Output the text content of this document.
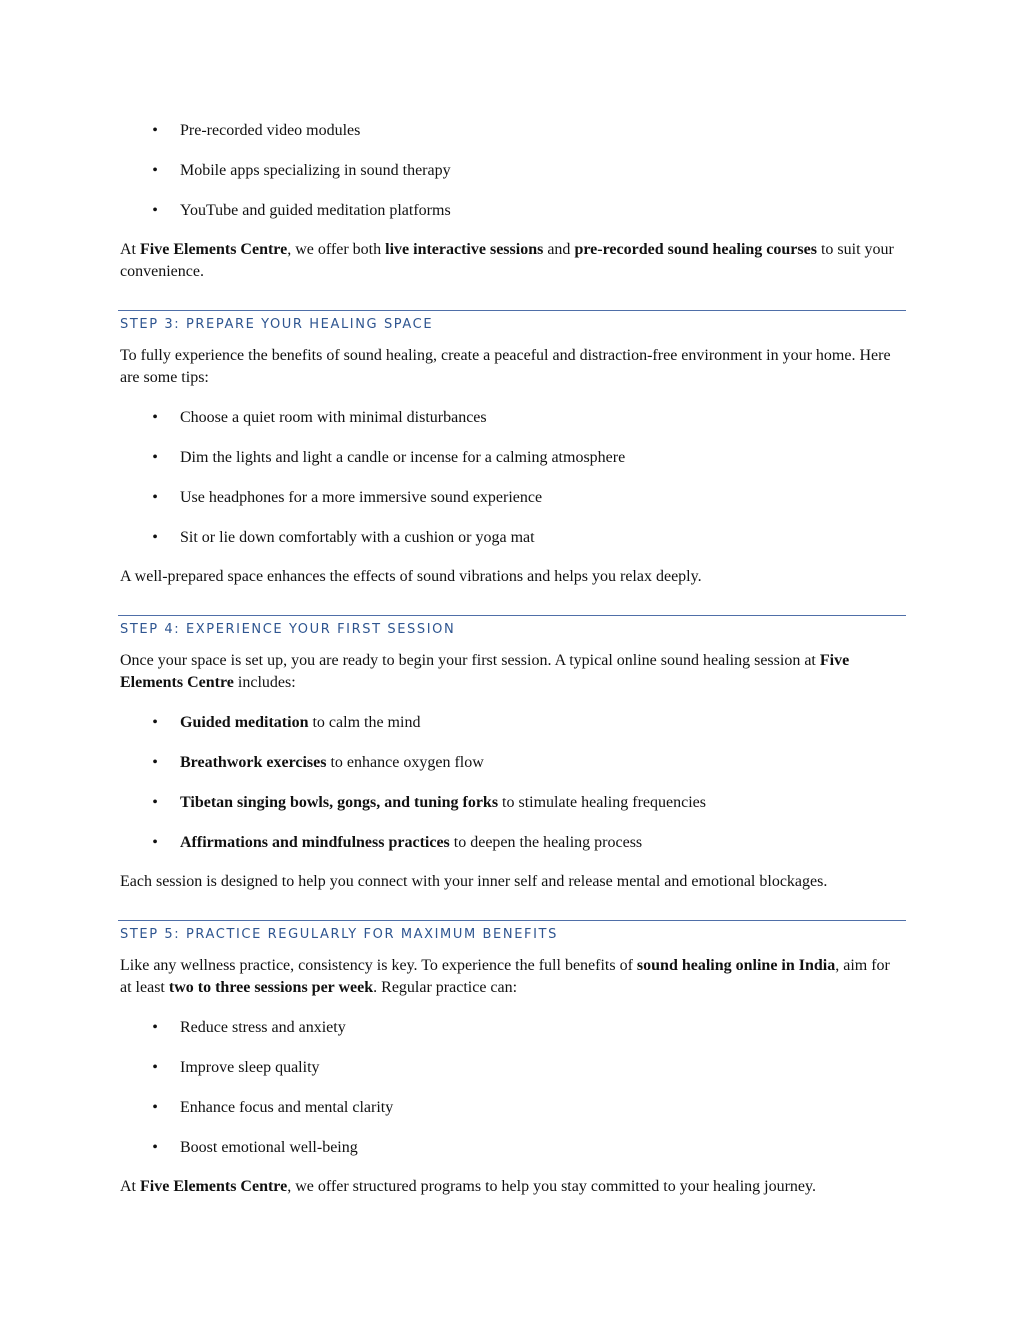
• Pre-recorded video modules
• Mobile apps specializing in sound therapy
• YouTube and guided meditation platforms
At Five Elements Centre, we offer both live interactive sessions and pre-recorded sound healing courses to suit your convenience.
STEP 3: PREPARE YOUR HEALING SPACE
To fully experience the benefits of sound healing, create a peaceful and distraction-free environment in your home. Here are some tips:
• Choose a quiet room with minimal disturbances
• Dim the lights and light a candle or incense for a calming atmosphere
• Use headphones for a more immersive sound experience
• Sit or lie down comfortably with a cushion or yoga mat
A well-prepared space enhances the effects of sound vibrations and helps you relax deeply.
STEP 4: EXPERIENCE YOUR FIRST SESSION
Once your space is set up, you are ready to begin your first session. A typical online sound healing session at Five Elements Centre includes:
• Guided meditation to calm the mind
• Breathwork exercises to enhance oxygen flow
• Tibetan singing bowls, gongs, and tuning forks to stimulate healing frequencies
• Affirmations and mindfulness practices to deepen the healing process
Each session is designed to help you connect with your inner self and release mental and emotional blockages.
STEP 5: PRACTICE REGULARLY FOR MAXIMUM BENEFITS
Like any wellness practice, consistency is key. To experience the full benefits of sound healing online in India, aim for at least two to three sessions per week. Regular practice can:
• Reduce stress and anxiety
• Improve sleep quality
• Enhance focus and mental clarity
• Boost emotional well-being
At Five Elements Centre, we offer structured programs to help you stay committed to your healing journey.
